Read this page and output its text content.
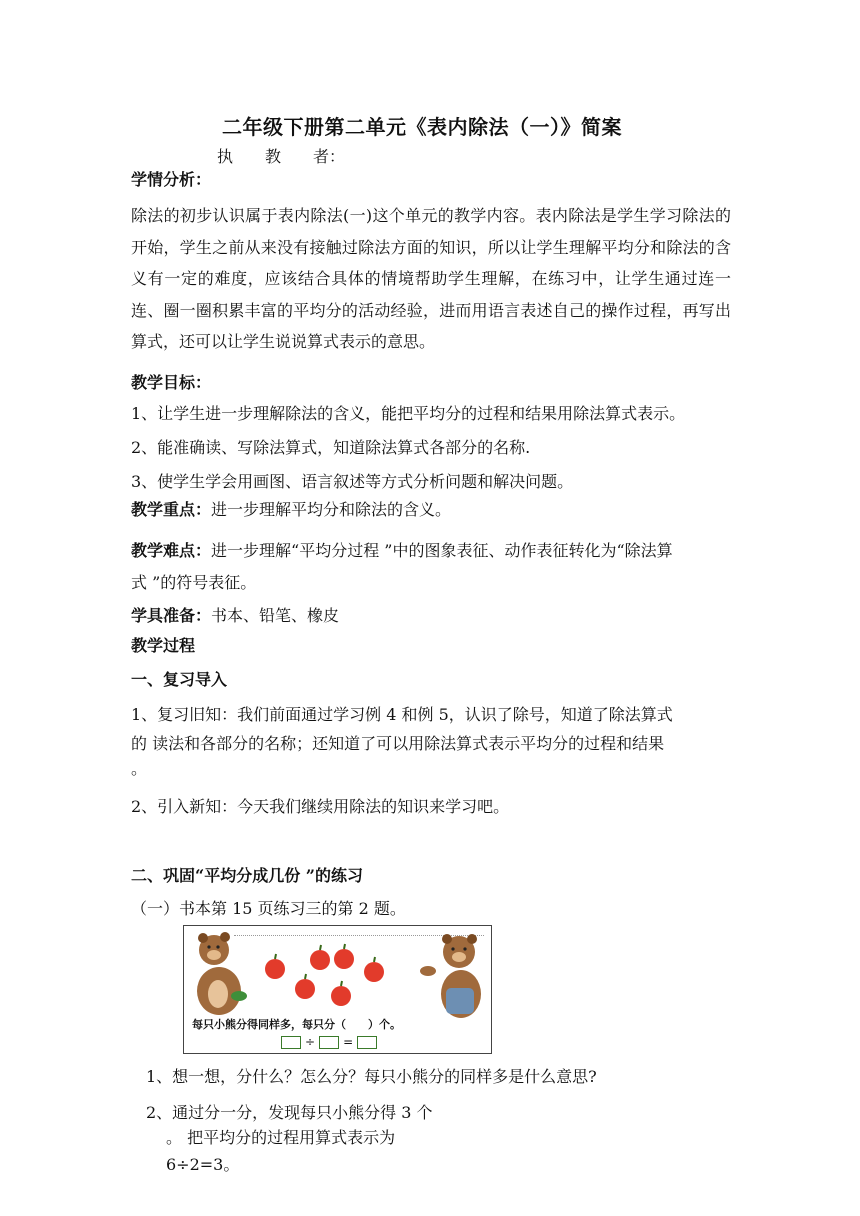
二年级下册第二单元《表内除法（一）》简案
执　　教　　者：
学情分析：
除法的初步认识属于表内除法(一)这个单元的教学内容。表内除法是学生学习除法的开始，学生之前从来没有接触过除法方面的知识，所以让学生理解平均分和除法的含义有一定的难度，应该结合具体的情境帮助学生理解，在练习中，让学生通过连一连、圈一圈积累丰富的平均分的活动经验，进而用语言表述自己的操作过程，再写出算式，还可以让学生说说算式表示的意思。
教学目标：
1、让学生进一步理解除法的含义，能把平均分的过程和结果用除法算式表示。
2、能准确读、写除法算式，知道除法算式各部分的名称.
3、使学生学会用画图、语言叙述等方式分析问题和解决问题。
教学重点：进一步理解平均分和除法的含义。
教学难点：进一步理解“平均分过程 ”中的图象表征、动作表征转化为“除法算
式 ”的符号表征。
学具准备：书本、铅笔、橡皮
教学过程
一、复习导入
1、复习旧知：我们前面通过学习例 4 和例 5，认识了除号，知道了除法算式
的 读法和各部分的名称；还知道了可以用除法算式表示平均分的过程和结果
。
2、引入新知：今天我们继续用除法的知识来学习吧。
二、巩固“平均分成几份 ”的练习
（一）书本第 15 页练习三的第 2 题。
每只小熊分得同样多，每只分（　　）个。
÷ =
1、想一想，分什么？怎么分？每只小熊分的同样多是什么意思?
2、通过分一分，发现每只小熊分得 3 个
。 把平均分的过程用算式表示为
6÷2=3。
